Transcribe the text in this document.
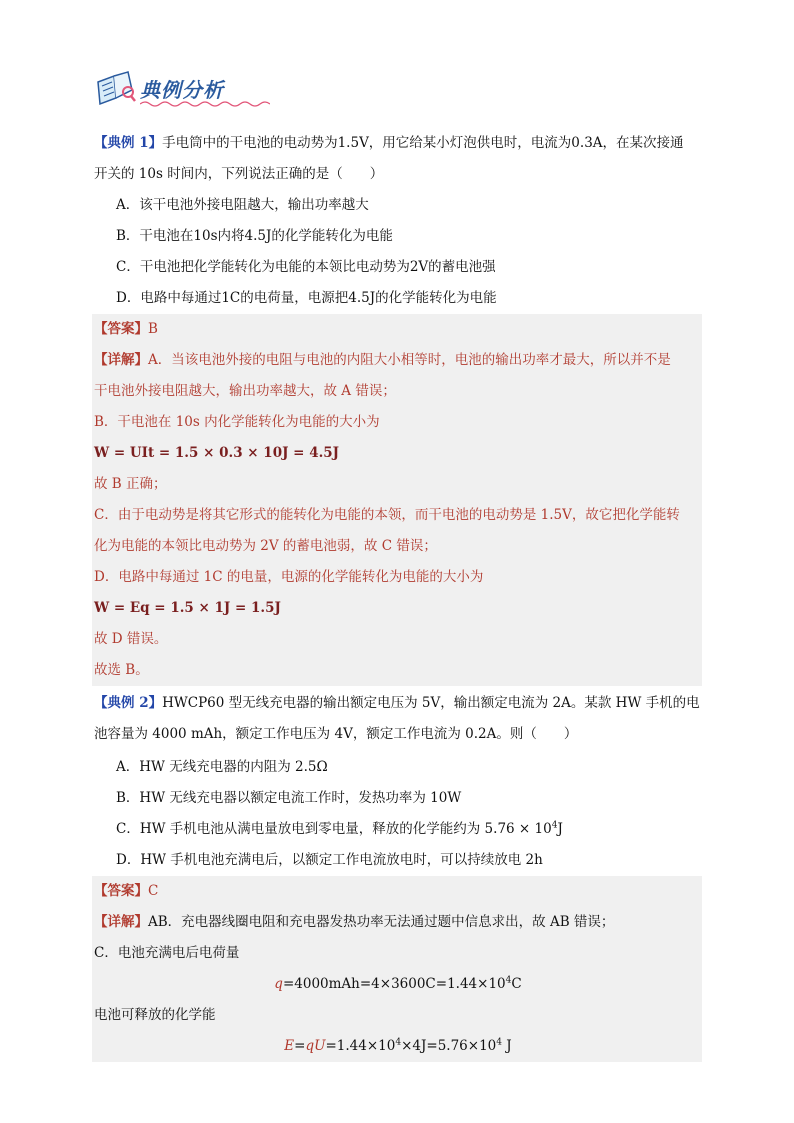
典例分析
【典例 1】手电筒中的干电池的电动势为1.5V，用它给某小灯泡供电时，电流为0.3A，在某次接通
开关的 10s 时间内，下列说法正确的是（　　）
A．该干电池外接电阻越大，输出功率越大
B．干电池在10s内将4.5J的化学能转化为电能
C．干电池把化学能转化为电能的本领比电动势为2V的蓄电池强
D．电路中每通过1C的电荷量，电源把4.5J的化学能转化为电能
【答案】B
【详解】A．当该电池外接的电阻与电池的内阻大小相等时，电池的输出功率才最大，所以并不是
干电池外接电阻越大，输出功率越大，故 A 错误；
B．干电池在 10s 内化学能转化为电能的大小为
W = UIt = 1.5 × 0.3 × 10J = 4.5J
故 B 正确；
C．由于电动势是将其它形式的能转化为电能的本领，而干电池的电动势是 1.5V，故它把化学能转
化为电能的本领比电动势为 2V 的蓄电池弱，故 C 错误；
D．电路中每通过 1C 的电量，电源的化学能转化为电能的大小为
W = Eq = 1.5 × 1J = 1.5J
故 D 错误。
故选 B。
【典例 2】HWCP60 型无线充电器的输出额定电压为 5V，输出额定电流为 2A。某款 HW 手机的电
池容量为 4000 mAh，额定工作电压为 4V，额定工作电流为 0.2A。则（　　）
A．HW 无线充电器的内阻为 2.5Ω
B．HW 无线充电器以额定电流工作时，发热功率为 10W
C．HW 手机电池从满电量放电到零电量，释放的化学能约为 $5.76 \times 10^4J$
D．HW 手机电池充满电后，以额定工作电流放电时，可以持续放电 2h
【答案】C
【详解】AB．充电器线圈电阻和充电器发热功率无法通过题中信息求出，故 AB 错误；
C．电池充满电后电荷量
$q=4000mAh=4\times 3600C=1.44\times 10^4C$
电池可释放的化学能
$E=qU=1.44\times 10^4\times 4J=5.76\times 10^4$ J
